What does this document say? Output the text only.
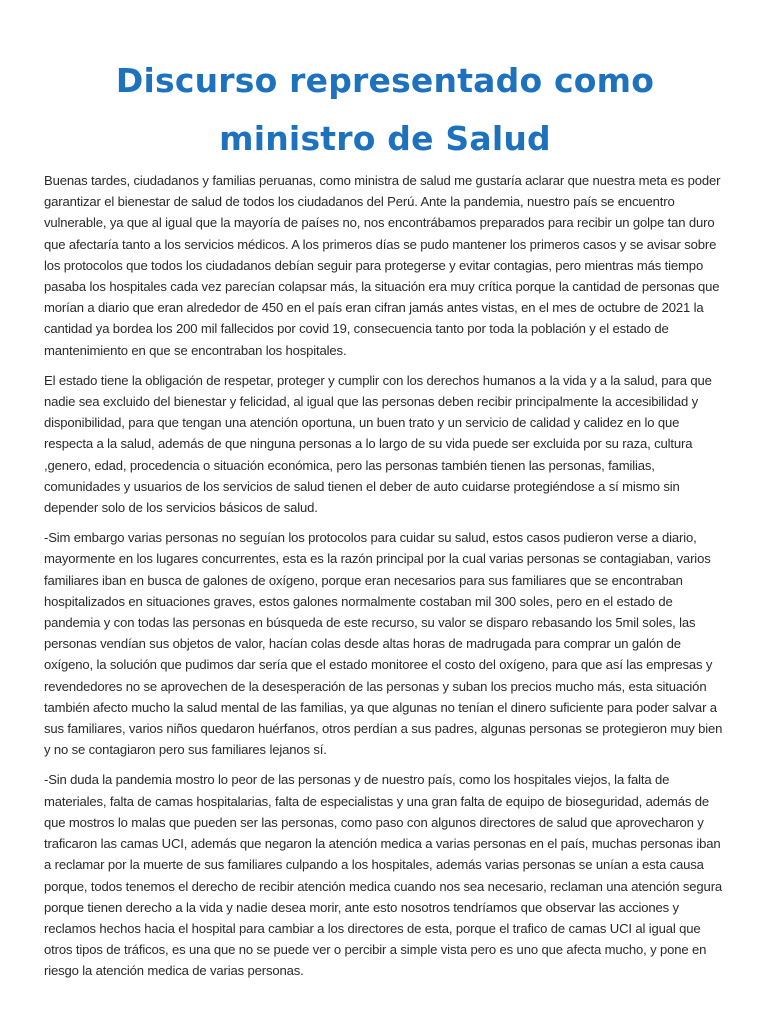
Discurso representado como ministro de Salud

Buenas tardes, ciudadanos y familias peruanas, como ministra de salud me gustaría aclarar que nuestra meta es poder garantizar el bienestar de salud de todos los ciudadanos del Perú. Ante la pandemia, nuestro país se encuentro vulnerable, ya que al igual que la mayoría de países no, nos encontrábamos preparados para recibir un golpe tan duro que afectaría tanto a los servicios médicos. A los primeros días se pudo mantener los primeros casos y se avisar sobre los protocolos que todos los ciudadanos debían seguir para protegerse y evitar contagias, pero mientras más tiempo pasaba los hospitales cada vez parecían colapsar más, la situación era muy crítica porque la cantidad de personas que morían a diario que eran alrededor de 450 en el país eran cifran jamás antes vistas, en el mes de octubre de 2021 la cantidad ya bordea los 200 mil fallecidos por covid 19, consecuencia tanto por toda la población y el estado de mantenimiento en que se encontraban los hospitales.

El estado tiene la obligación de respetar, proteger y cumplir con los derechos humanos a la vida y a la salud, para que nadie sea excluido del bienestar y felicidad, al igual que las personas deben recibir principalmente la accesibilidad y disponibilidad, para que tengan una atención oportuna, un buen trato y un servicio de calidad y calidez en lo que respecta a la salud, además de que ninguna personas a lo largo de su vida puede ser excluida por su raza, cultura ,genero, edad, procedencia o situación económica, pero las personas también tienen las personas, familias, comunidades y usuarios de los servicios de salud tienen el deber de auto cuidarse protegiéndose a sí mismo sin depender solo de los servicios básicos de salud.

-Sim embargo varias personas no seguían los protocolos para cuidar su salud, estos casos pudieron verse a diario, mayormente en los lugares concurrentes, esta es la razón principal por la cual varias personas se contagiaban, varios familiares iban en busca de galones de oxígeno, porque eran necesarios para sus familiares que se encontraban hospitalizados en situaciones graves, estos galones normalmente costaban mil 300 soles, pero en el estado de pandemia y con todas las personas en búsqueda de este recurso, su valor se disparo rebasando los 5mil soles, las personas vendían sus objetos de valor, hacían colas desde altas horas de madrugada para comprar un galón de oxígeno, la solución que pudimos dar sería que el estado monitoree el costo del oxígeno, para que así las empresas y revendedores no se aprovechen de la desesperación de las personas y suban los precios mucho más, esta situación también afecto mucho la salud mental de las familias, ya que algunas no tenían el dinero suficiente para poder salvar a sus familiares, varios niños quedaron huérfanos, otros perdían a sus padres, algunas personas se protegieron muy bien y no se contagiaron pero sus familiares lejanos sí.

-Sin duda la pandemia mostro lo peor de las personas y de nuestro país, como los hospitales viejos, la falta de materiales, falta de camas hospitalarias, falta de especialistas y una gran falta de equipo de bioseguridad, además de que mostros lo malas que pueden ser las personas, como paso con algunos directores de salud que aprovecharon y traficaron las camas UCI, además que negaron la atención medica a varias personas en el país, muchas personas iban a reclamar por la muerte de sus familiares culpando a los hospitales, además varias personas se unían a esta causa porque, todos tenemos el derecho de recibir atención medica cuando nos sea necesario, reclaman una atención segura porque tienen derecho a la vida y nadie desea morir, ante esto nosotros tendríamos que observar las acciones y reclamos hechos hacia el hospital para cambiar a los directores de esta, porque el trafico de camas UCI al igual que otros tipos de tráficos, es una que no se puede ver o percibir a simple vista pero es uno que afecta mucho, y pone en riesgo la atención medica de varias personas.
